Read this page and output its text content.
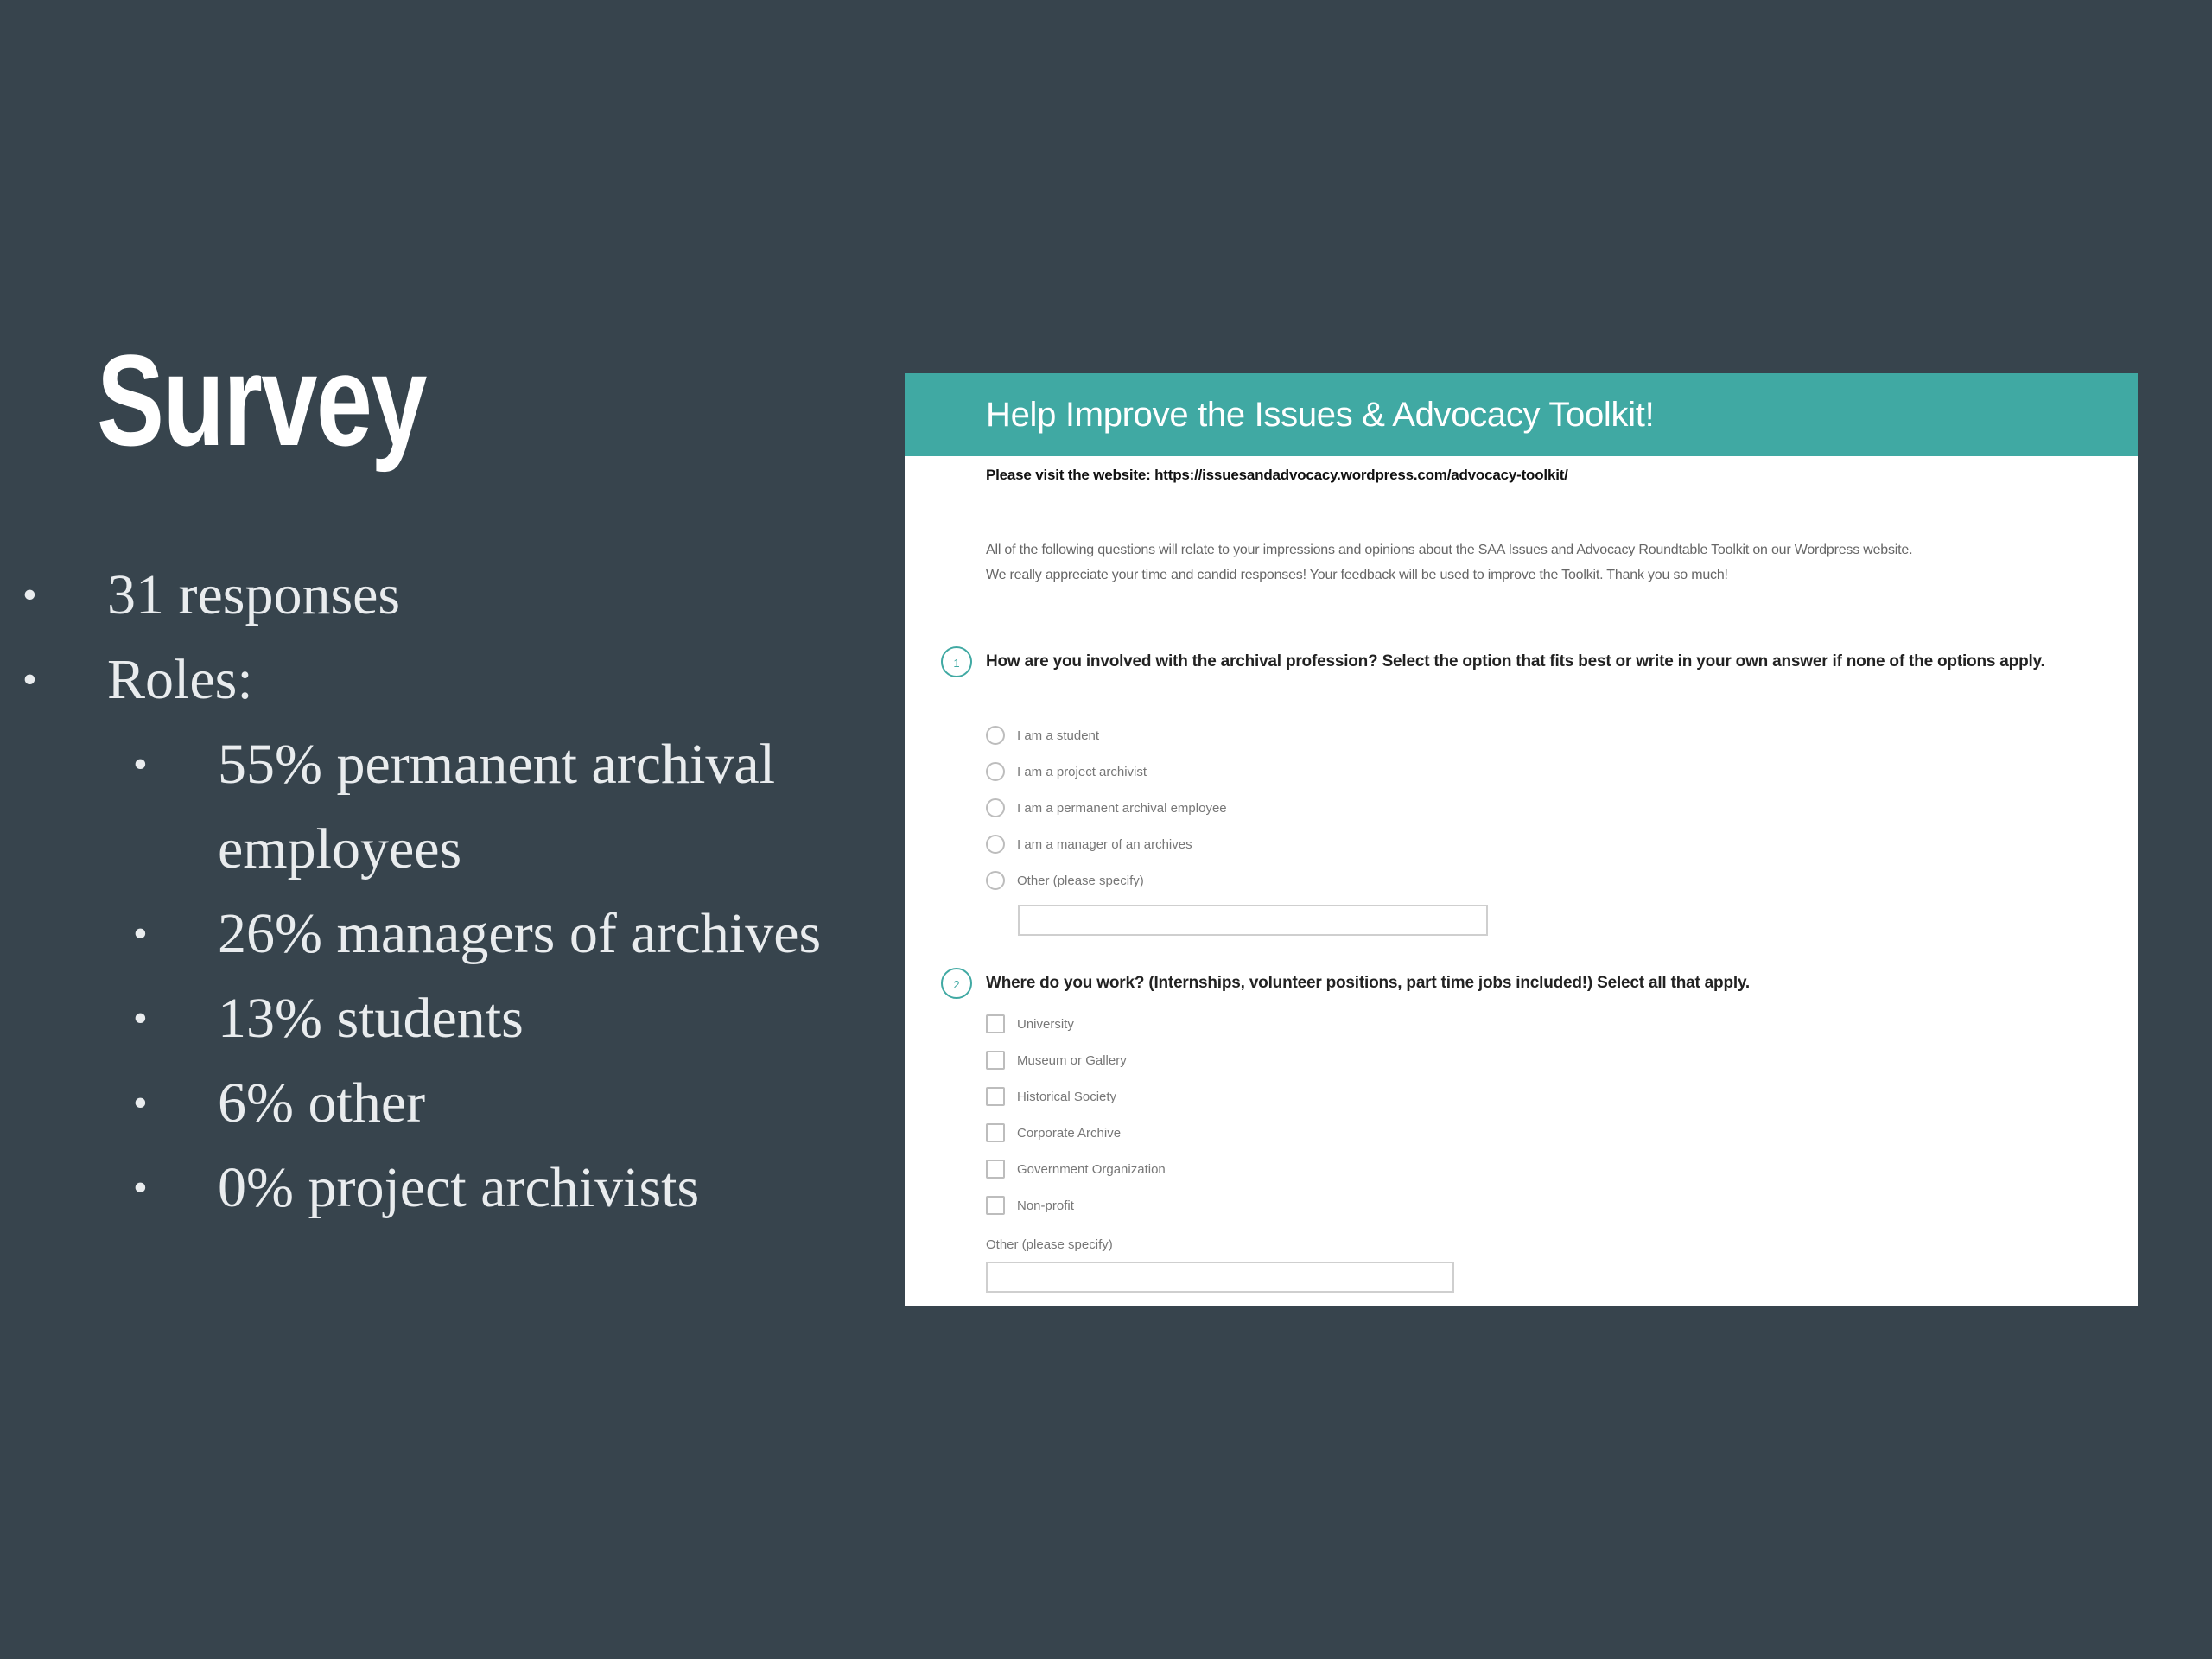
Survey
• 31 responses
• Roles:
• 55% permanent archival
employees
• 26% managers of archives
• 13% students
• 6% other
• 0% project archivists
Help Improve the Issues & Advocacy Toolkit!
Please visit the website: https://issuesandadvocacy.wordpress.com/advocacy-toolkit/
All of the following questions will relate to your impressions and opinions about the SAA Issues and Advocacy Roundtable Toolkit on our Wordpress website.
We really appreciate your time and candid responses! Your feedback will be used to improve the Toolkit. Thank you so much!
1	How are you involved with the archival profession? Select the option that fits best or write in your own answer if none of the options apply.
I am a student
I am a project archivist
I am a permanent archival employee
I am a manager of an archives
Other (please specify)
2	Where do you work? (Internships, volunteer positions, part time jobs included!) Select all that apply.
University
Museum or Gallery
Historical Society
Corporate Archive
Government Organization
Non-profit
Other (please specify)
